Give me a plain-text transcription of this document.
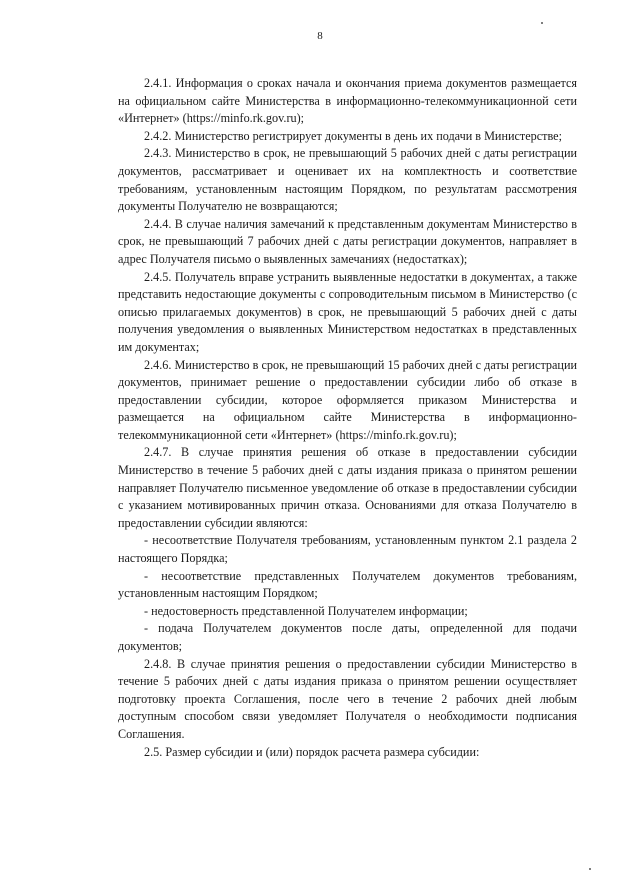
8

2.4.1. Информация о сроках начала и окончания приема документов размещается на официальном сайте Министерства в информационно-телекоммуникационной сети «Интернет» (https://minfo.rk.gov.ru);

2.4.2. Министерство регистрирует документы в день их подачи в Министерстве;

2.4.3. Министерство в срок, не превышающий 5 рабочих дней с даты регистрации документов, рассматривает и оценивает их на комплектность и соответствие требованиям, установленным настоящим Порядком, по результатам рассмотрения документы Получателю не возвращаются;

2.4.4. В случае наличия замечаний к представленным документам Министерство в срок, не превышающий 7 рабочих дней с даты регистрации документов, направляет в адрес Получателя письмо о выявленных замечаниях (недостатках);

2.4.5. Получатель вправе устранить выявленные недостатки в документах, а также представить недостающие документы с сопроводительным письмом в Министерство (с описью прилагаемых документов) в срок, не превышающий 5 рабочих дней с даты получения уведомления о выявленных Министерством недостатках в представленных им документах;

2.4.6. Министерство в срок, не превышающий 15 рабочих дней с даты регистрации документов, принимает решение о предоставлении субсидии либо об отказе в предоставлении субсидии, которое оформляется приказом Министерства и размещается на официальном сайте Министерства в информационно-телекоммуникационной сети «Интернет» (https://minfo.rk.gov.ru);

2.4.7. В случае принятия решения об отказе в предоставлении субсидии Министерство в течение 5 рабочих дней с даты издания приказа о принятом решении направляет Получателю письменное уведомление об отказе в предоставлении субсидии с указанием мотивированных причин отказа. Основаниями для отказа Получателю в предоставлении субсидии являются:

- несоответствие Получателя требованиям, установленным пунктом 2.1 раздела 2 настоящего Порядка;

- несоответствие представленных Получателем документов требованиям, установленным настоящим Порядком;

- недостоверность представленной Получателем информации;

- подача Получателем документов после даты, определенной для подачи документов;

2.4.8. В случае принятия решения о предоставлении субсидии Министерство в течение 5 рабочих дней с даты издания приказа о принятом решении осуществляет подготовку проекта Соглашения, после чего в течение 2 рабочих дней любым доступным способом связи уведомляет Получателя о необходимости подписания Соглашения.

2.5. Размер субсидии и (или) порядок расчета размера субсидии:
